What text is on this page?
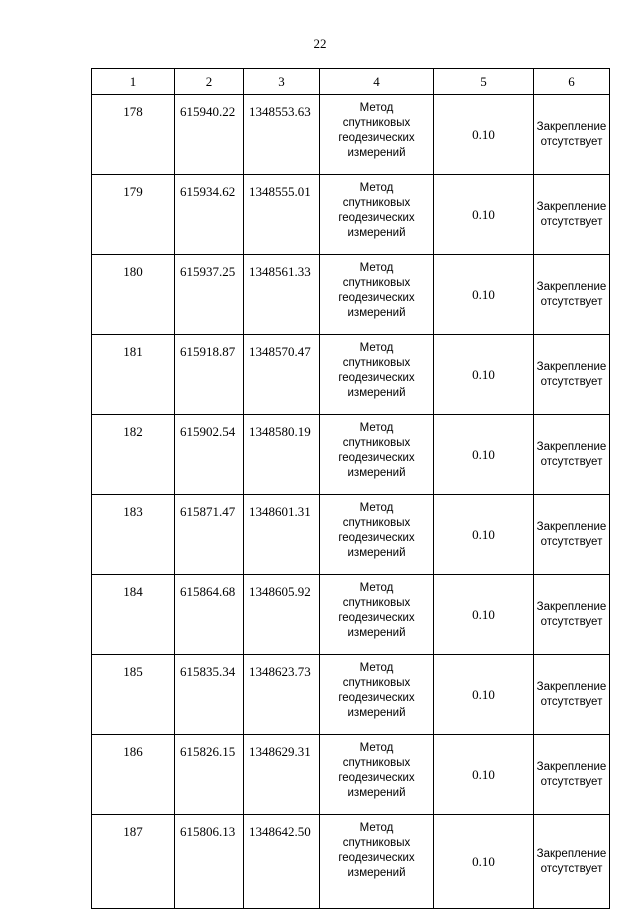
22
1	2	3	4	5	6
178	615940.22	1348553.63	Метод
спутниковых
геодезических
измерений	0.10	Закрепление
отсутствует

179	615934.62	1348555.01	Метод
спутниковых
геодезических
измерений	0.10	Закрепление
отсутствует

180	615937.25	1348561.33	Метод
спутниковых
геодезических
измерений	0.10	Закрепление
отсутствует

181	615918.87	1348570.47	Метод
спутниковых
геодезических
измерений	0.10	Закрепление
отсутствует

182	615902.54	1348580.19	Метод
спутниковых
геодезических
измерений	0.10	Закрепление
отсутствует

183	615871.47	1348601.31	Метод
спутниковых
геодезических
измерений	0.10	Закрепление
отсутствует

184	615864.68	1348605.92	Метод
спутниковых
геодезических
измерений	0.10	Закрепление
отсутствует

185	615835.34	1348623.73	Метод
спутниковых
геодезических
измерений	0.10	Закрепление
отсутствует

186	615826.15	1348629.31	Метод
спутниковых
геодезических
измерений	0.10	Закрепление
отсутствует

187	615806.13	1348642.50	Метод
спутниковых
геодезических
измерений	0.10	Закрепление
отсутствует
